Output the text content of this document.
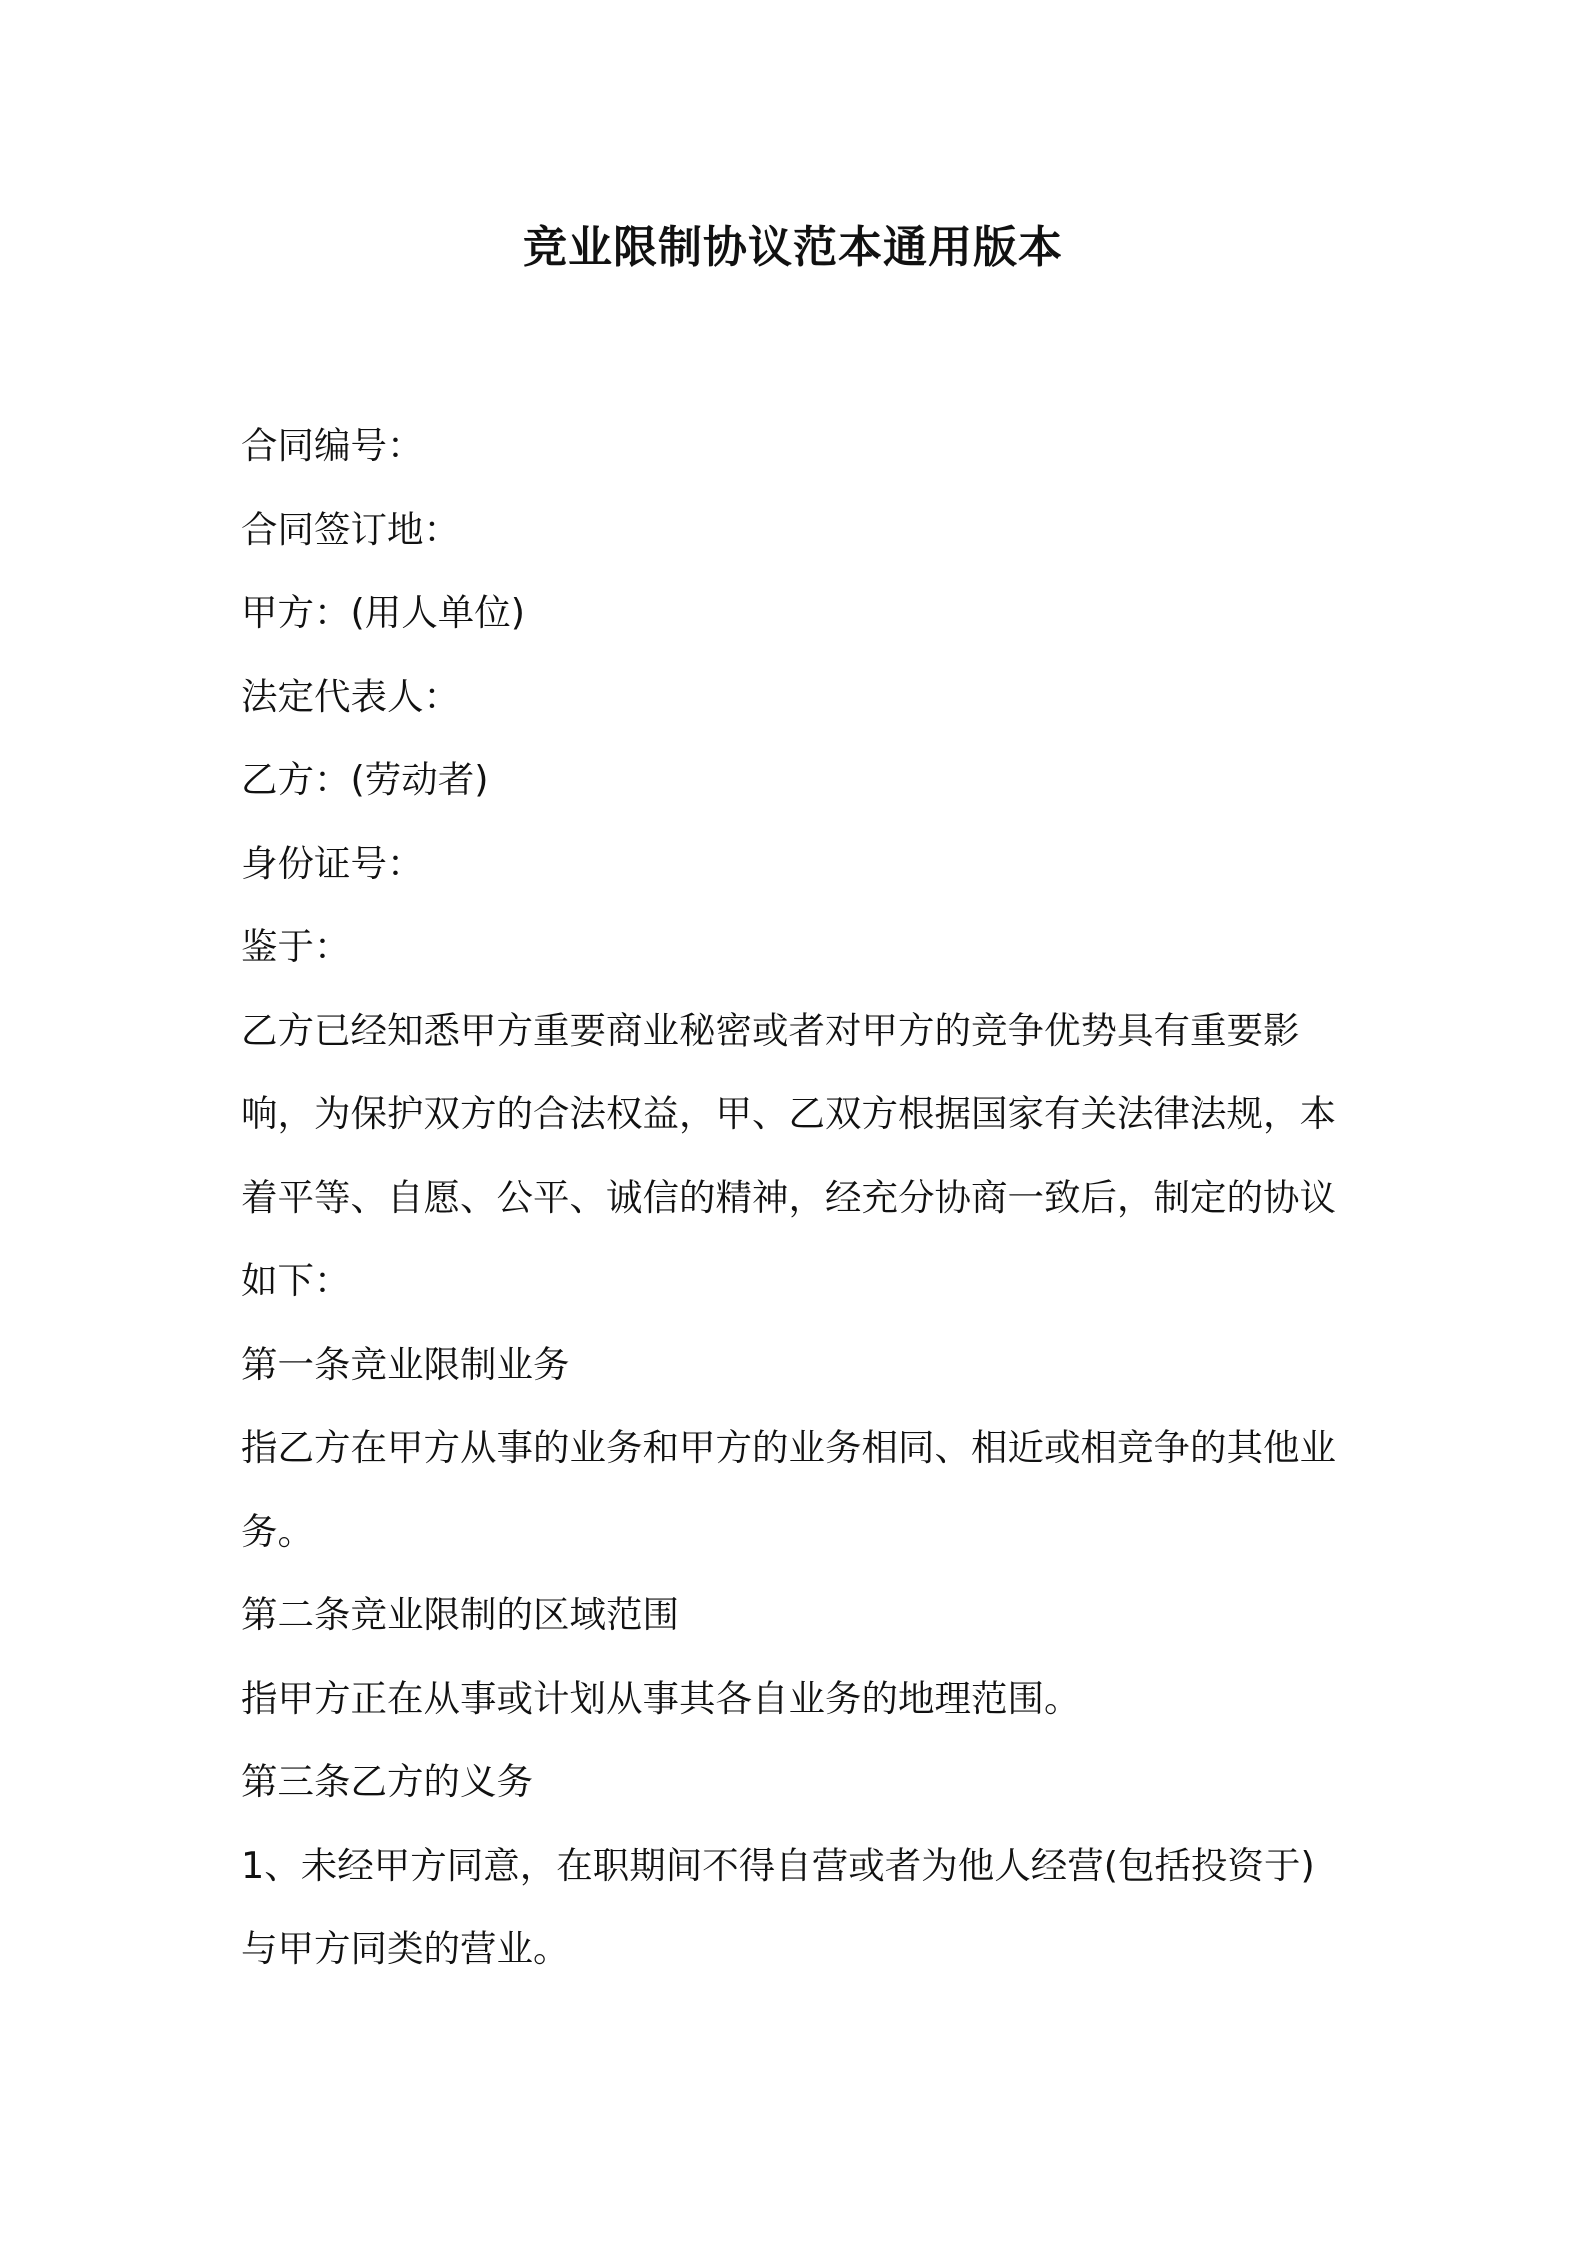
竞业限制协议范本通用版本
合同编号：
合同签订地：
甲方：(用人单位)
法定代表人：
乙方：(劳动者)
身份证号：
鉴于：
乙方已经知悉甲方重要商业秘密或者对甲方的竞争优势具有重要影
响，为保护双方的合法权益，甲、乙双方根据国家有关法律法规，本
着平等、自愿、公平、诚信的精神，经充分协商一致后，制定的协议
如下：
第一条竞业限制业务
指乙方在甲方从事的业务和甲方的业务相同、相近或相竞争的其他业
务。
第二条竞业限制的区域范围
指甲方正在从事或计划从事其各自业务的地理范围。
第三条乙方的义务
1、未经甲方同意，在职期间不得自营或者为他人经营(包括投资于)
与甲方同类的营业。
